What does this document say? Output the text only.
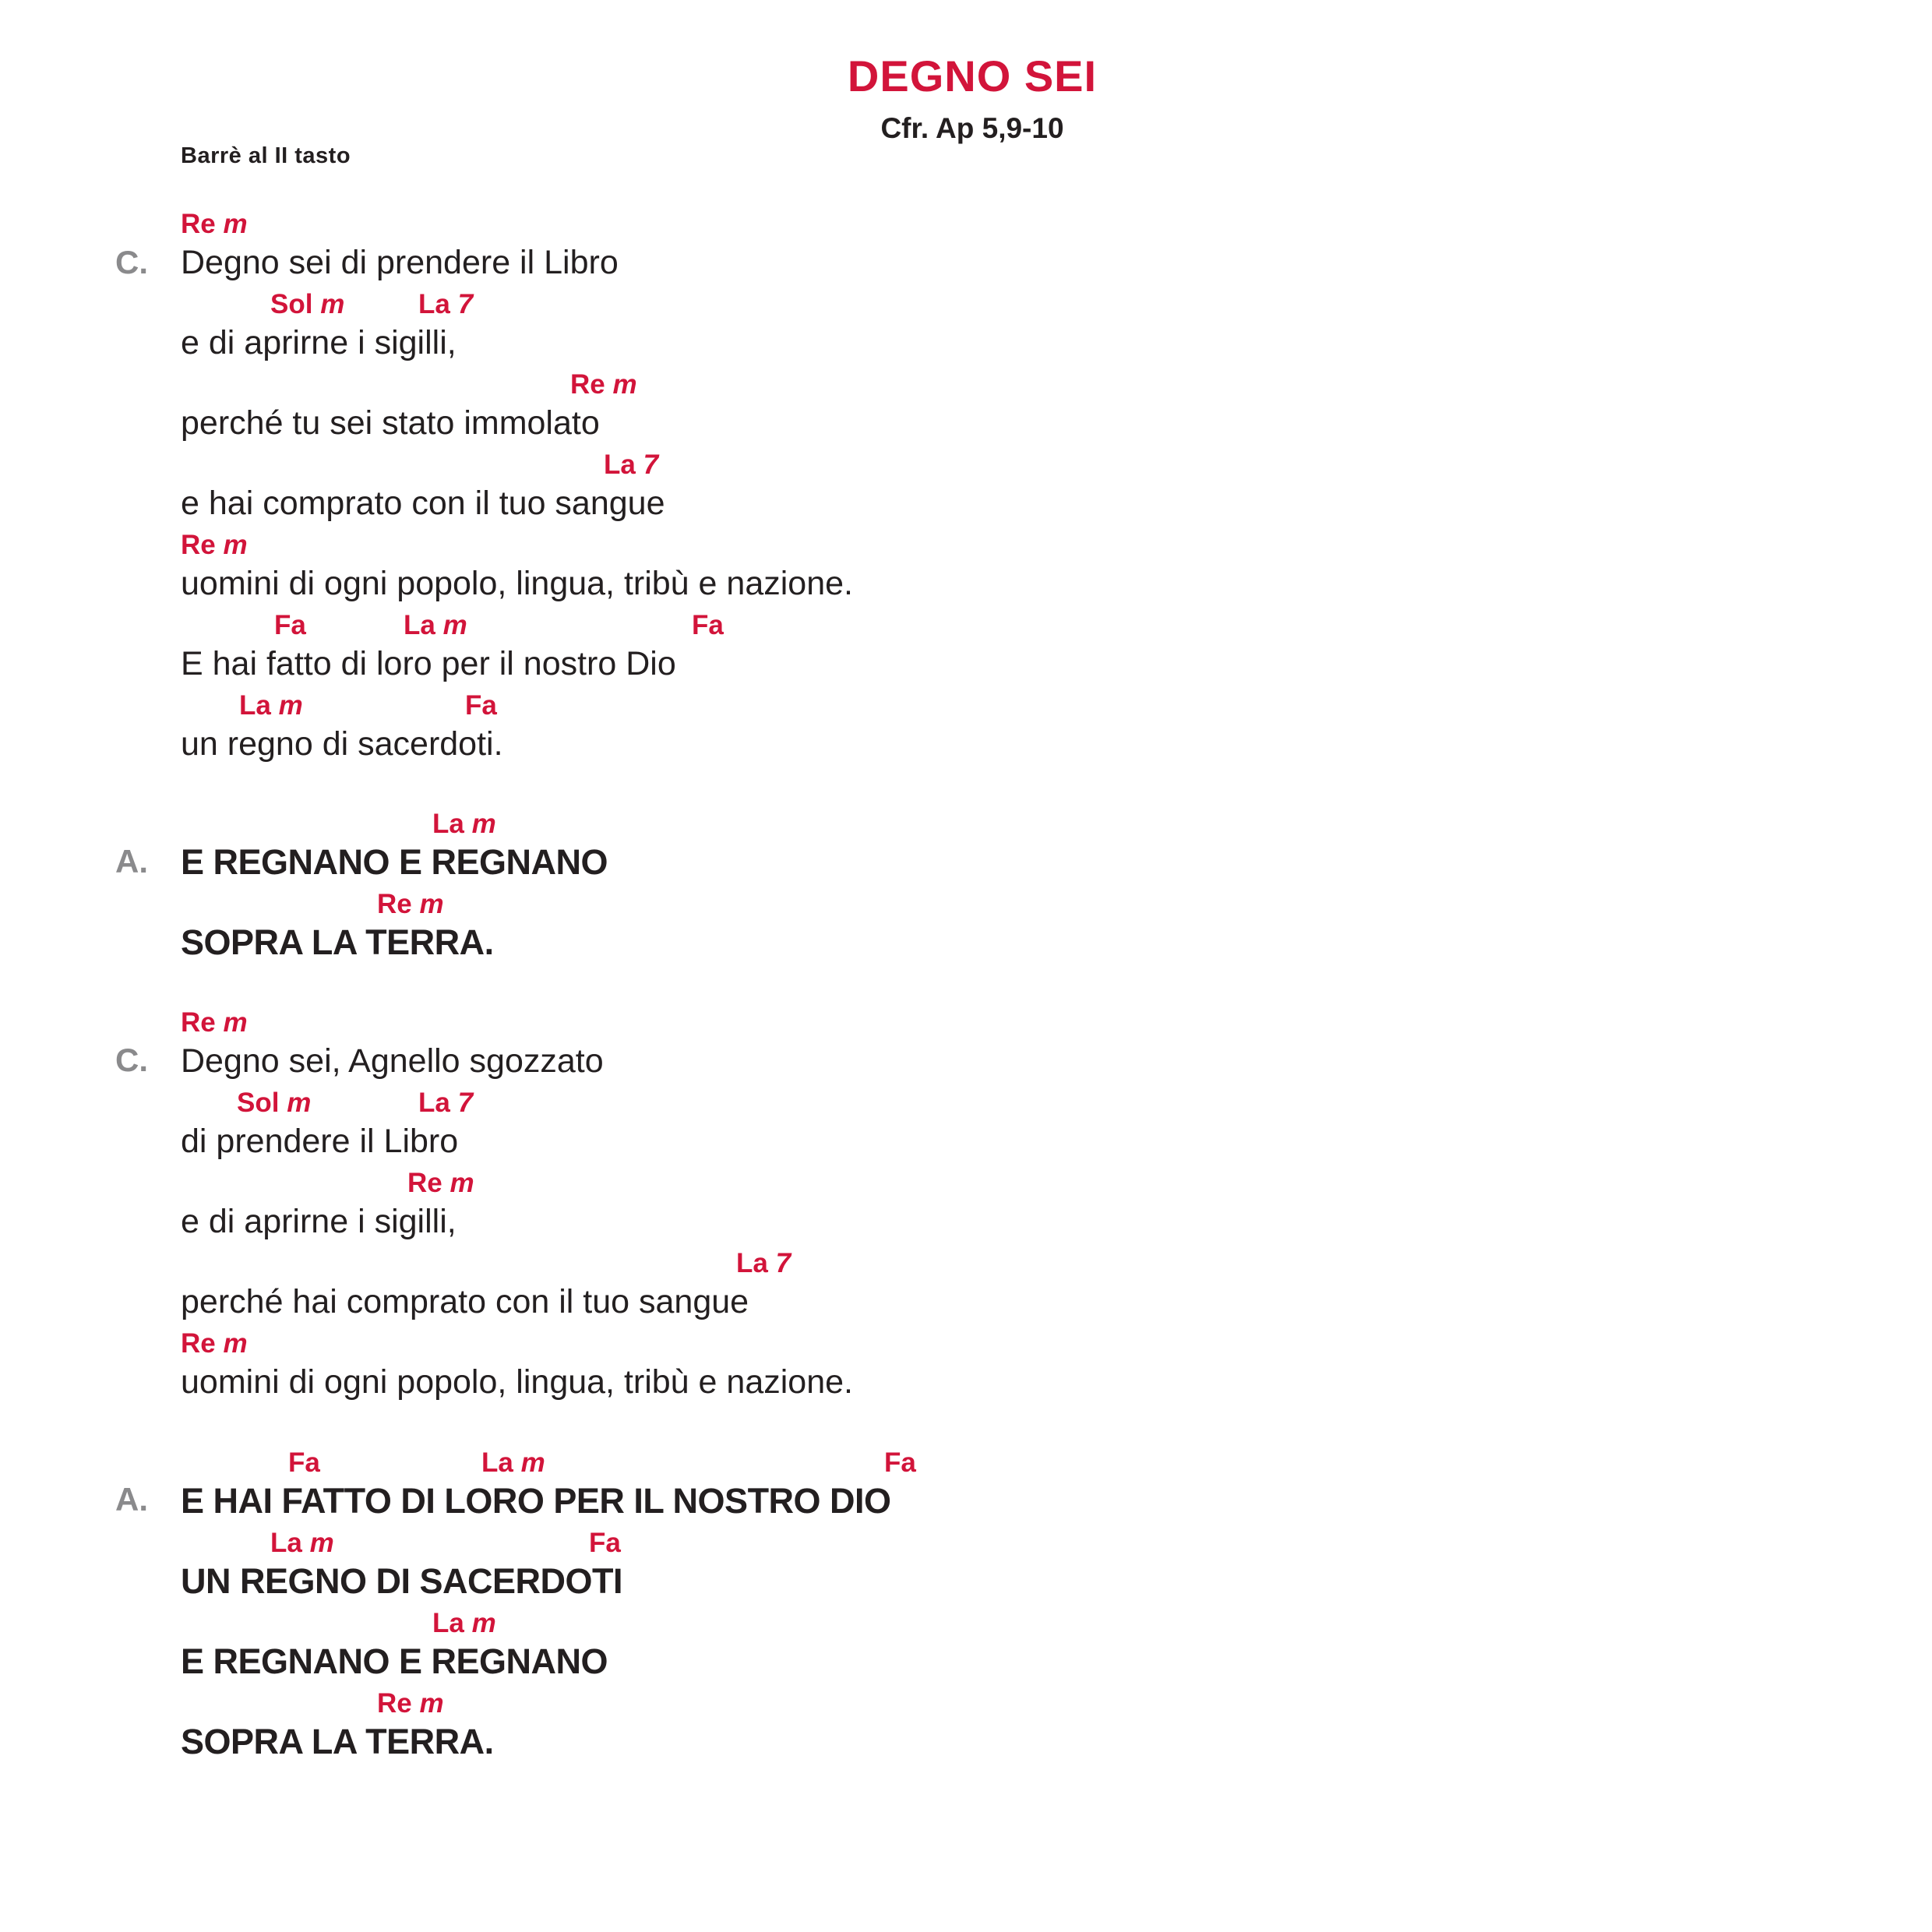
DEGNO SEI
Cfr. Ap 5,9-10
Barrè al II tasto
C.
Re m
Degno sei di prendere il Libro
Sol m	La 7
e di aprirne i sigilli,
Re m
perché tu sei stato immolato
La 7
e hai comprato con il tuo sangue
Re m
uomini di ogni popolo, lingua, tribù e nazione.
Fa	La m	Fa
E hai fatto di loro per il nostro Dio
La m	Fa
un regno di sacerdoti.
A.
La m
E REGNANO E REGNANO
Re m
SOPRA LA TERRA.
C.
Re m
Degno sei, Agnello sgozzato
Sol m	La 7
di prendere il Libro
Re m
e di aprirne i sigilli,
La 7
perché hai comprato con il tuo sangue
Re m
uomini di ogni popolo, lingua, tribù e nazione.
A.
Fa	La m	Fa
E HAI FATTO DI LORO PER IL NOSTRO DIO
La m	Fa
UN REGNO DI SACERDOTI
La m
E REGNANO E REGNANO
Re m
SOPRA LA TERRA.
